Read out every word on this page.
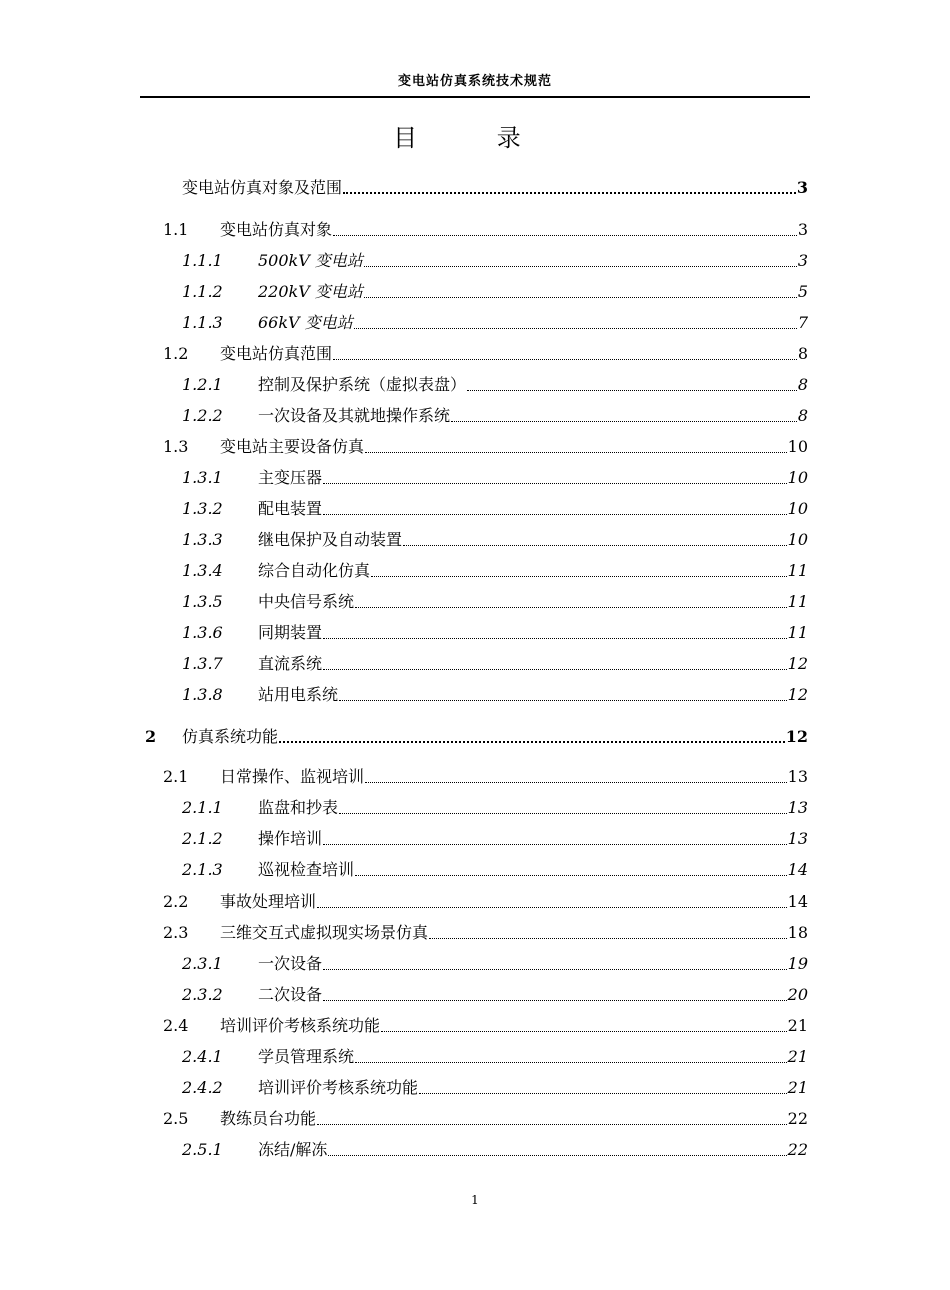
变电站仿真系统技术规范
目 录
变电站仿真对象及范围	3
1.1 变电站仿真对象	3
1.1.1 500kV 变电站	3
1.1.2 220kV 变电站	5
1.1.3 66kV 变电站	7
1.2 变电站仿真范围	8
1.2.1 控制及保护系统（虚拟表盘）	8
1.2.2 一次设备及其就地操作系统	8
1.3 变电站主要设备仿真	10
1.3.1 主变压器	10
1.3.2 配电装置	10
1.3.3 继电保护及自动装置	10
1.3.4 综合自动化仿真	11
1.3.5 中央信号系统	11
1.3.6 同期装置	11
1.3.7 直流系统	12
1.3.8 站用电系统	12
2 仿真系统功能	12
2.1 日常操作、监视培训	13
2.1.1 监盘和抄表	13
2.1.2 操作培训	13
2.1.3 巡视检查培训	14
2.2 事故处理培训	14
2.3 三维交互式虚拟现实场景仿真	18
2.3.1 一次设备	19
2.3.2 二次设备	20
2.4 培训评价考核系统功能	21
2.4.1 学员管理系统	21
2.4.2 培训评价考核系统功能	21
2.5 教练员台功能	22
2.5.1 冻结/解冻	22
1
